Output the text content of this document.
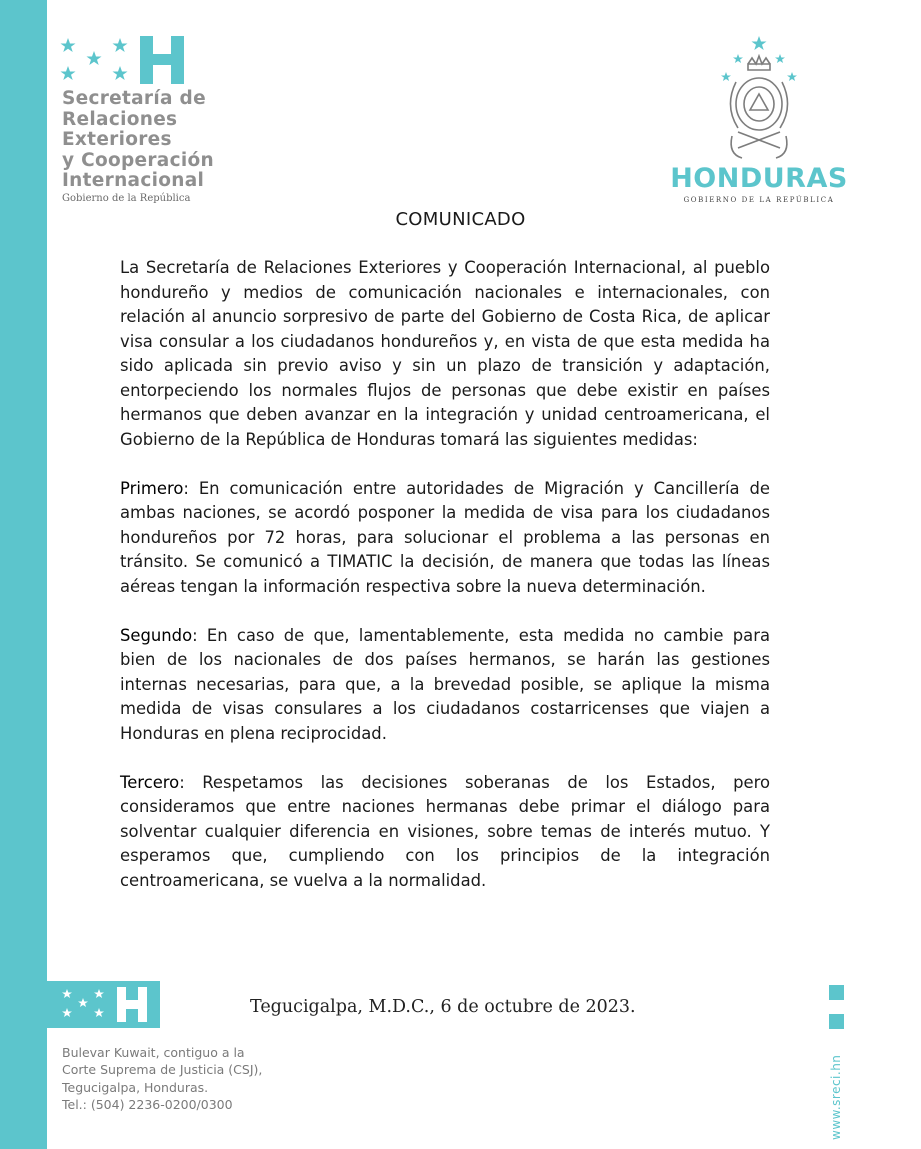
Secretaría de
Relaciones
Exteriores
y Cooperación
Internacional
Gobierno de la República
HONDURAS
GOBIERNO DE LA REPÚBLICA
COMUNICADO

La Secretaría de Relaciones Exteriores y Cooperación Internacional, al pueblo hondureño y medios de comunicación nacionales e internacionales, con relación al anuncio sorpresivo de parte del Gobierno de Costa Rica, de aplicar visa consular a los ciudadanos hondureños y, en vista de que esta medida ha sido aplicada sin previo aviso y sin un plazo de transición y adaptación, entorpeciendo los normales flujos de personas que debe existir en países hermanos que deben avanzar en la integración y unidad centroamericana, el Gobierno de la República de Honduras tomará las siguientes medidas:

Primero: En comunicación entre autoridades de Migración y Cancillería de ambas naciones, se acordó posponer la medida de visa para los ciudadanos hondureños por 72 horas, para solucionar el problema a las personas en tránsito. Se comunicó a TIMATIC la decisión, de manera que todas las líneas aéreas tengan la información respectiva sobre la nueva determinación.

Segundo: En caso de que, lamentablemente, esta medida no cambie para bien de los nacionales de dos países hermanos, se harán las gestiones internas necesarias, para que, a la brevedad posible, se aplique la misma medida de visas consulares a los ciudadanos costarricenses que viajen a Honduras en plena reciprocidad.

Tercero: Respetamos las decisiones soberanas de los Estados, pero consideramos que entre naciones hermanas debe primar el diálogo para solventar cualquier diferencia en visiones, sobre temas de interés mutuo. Y esperamos que, cumpliendo con los principios de la integración centroamericana, se vuelva a la normalidad.

Tegucigalpa, M.D.C., 6 de octubre de 2023.
Bulevar Kuwait, contiguo a la
Corte Suprema de Justicia (CSJ),
Tegucigalpa, Honduras.
Tel.: (504) 2236-0200/0300	www.sreci.hn
